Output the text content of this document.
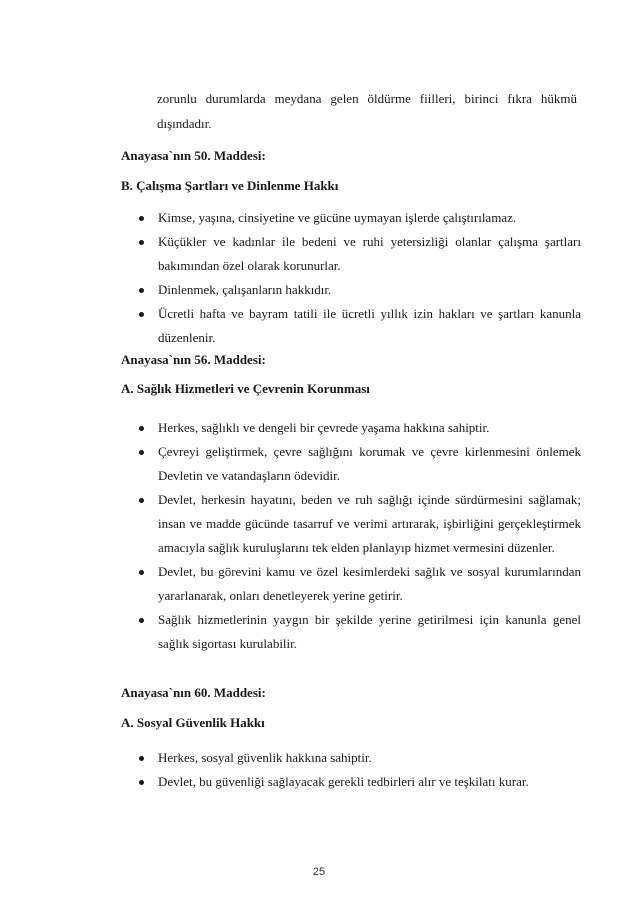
zorunlu durumlarda meydana gelen öldürme fiilleri, birinci fıkra hükmü
dışındadır.
Anayasa`nın 50. Maddesi:
B. Çalışma Şartları ve Dinlenme Hakkı
Kimse, yaşına, cinsiyetine ve gücüne uymayan işlerde çalıştırılamaz.
Küçükler ve kadınlar ile bedeni ve ruhi yetersizliği olanlar çalışma şartları
bakımından özel olarak korunurlar.
Dinlenmek, çalışanların hakkıdır.
Ücretli hafta ve bayram tatili ile ücretli yıllık izin hakları ve şartları kanunla
düzenlenir.
Anayasa`nın 56. Maddesi:
A. Sağlık Hizmetleri ve Çevrenin Korunması
Herkes, sağlıklı ve dengeli bir çevrede yaşama hakkına sahiptir.
Çevreyi geliştirmek, çevre sağlığını korumak ve çevre kirlenmesini önlemek
Devletin ve vatandaşların ödevidir.
Devlet, herkesin hayatını, beden ve ruh sağlığı içinde sürdürmesini sağlamak;
insan ve madde gücünde tasarruf ve verimi artırarak, işbirliğini gerçekleştirmek
amacıyla sağlık kuruluşlarını tek elden planlayıp hizmet vermesini düzenler.
Devlet, bu görevini kamu ve özel kesimlerdeki sağlık ve sosyal kurumlarından
yararlanarak, onları denetleyerek yerine getirir.
Sağlık hizmetlerinin yaygın bir şekilde yerine getirilmesi için kanunla genel
sağlık sigortası kurulabilir.
Anayasa`nın 60. Maddesi:
A. Sosyal Güvenlik Hakkı
Herkes, sosyal güvenlik hakkına sahiptir.
Devlet, bu güvenliği sağlayacak gerekli tedbirleri alır ve teşkilatı kurar.
25
